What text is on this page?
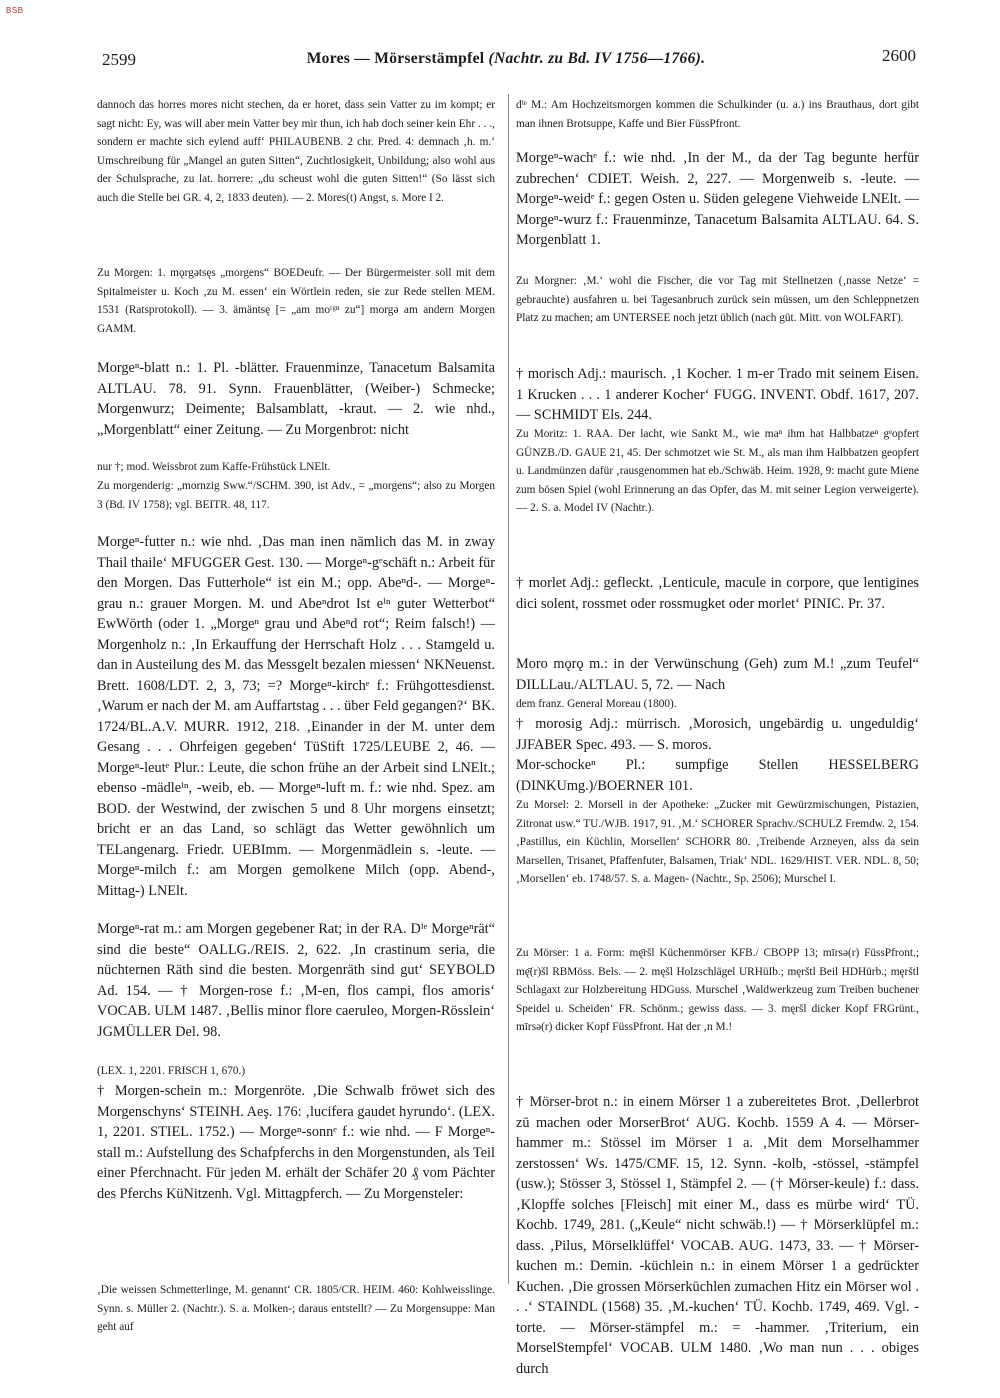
BSB
2599	Mores — Mörserstämpfel (Nachtr. zu Bd. IV 1756—1766).	2600

dannoch das horres mores nicht stechen, da er horet, dass sein Vatter zu im kompt; er sagt nicht: Ey, was will aber mein Vatter bey mir thun, ich hab doch seiner kein Ehr . . ., sondern er machte sich eylend auff‘ PHILAUBENB. 2 chr. Pred. 4: demnach ‚h. m.‘ Umschreibung für „Mangel an guten Sitten“, Zuchtlosigkeit, Unbildung; also wohl aus der Schulsprache, zu lat. horrere: „du scheust wohl die guten Sitten!“ (So lässt sich auch die Stelle bei GR. 4, 2, 1833 deuten). — 2. Mores(t) Angst, s. More I 2.

Zu Morgen: 1. mǫrgətsęs „morgens“ BOEDeufr. — Der Bürgermeister soll mit dem Spitalmeister u. Koch ‚zu M. essen‘ ein Wörtlein reden, sie zur Rede stellen MEM. 1531 (Ratsprotokoll). — 3. ämäntsę [= „am moʳᵍⁿ zu“] morgə am andern Morgen GAMM.

Morgeⁿ-blatt n.: 1. Pl. -blätter. Frauenminze, Tanacetum Balsamita ALTLAU. 78. 91. Synn. Frauenblätter, (Weiber-) Schmecke; Morgenwurz; Deimente; Balsamblatt, -kraut. — 2. wie nhd., „Morgenblatt“ einer Zeitung. — Zu Morgenbrot: nicht

nur †; mod. Weissbrot zum Kaffe-Frühstück LNElt.

Zu morgenderig: „mornzig Sww.“/SCHM. 390, ist Adv., = „morgens“; also zu Morgen 3 (Bd. IV 1758); vgl. BEITR. 48, 117.

Morgeⁿ-futter n.: wie nhd. ‚Das man inen nāmlich das M. in zway Thail thaile‘ MFUGGER Gest. 130. — Morgeⁿ-gᵉschäft n.: Arbeit für den Morgen. Das Futterhole“ ist ein M.; opp. Abeⁿd-. — Morgeⁿ-grau n.: grauer Morgen. M. und Abeⁿdrot Ist eⁱⁿ guter Wetterbot“ EwWörth (oder 1. „Morgeⁿ grau und Abeⁿd rot“; Reim falsch!) — Morgenholz n.: ‚In Erkauffung der Herrschaft Holz . . . Stamgeld u. dan in Austeilung des M. das Messgelt bezalen miessen‘ NKNeuenst. Brett. 1608/LDT. 2, 3, 73; =? Morgeⁿ-kirchᵉ f.: Frühgottesdienst. ‚Warum er nach der M. am Auffartstag . . . über Feld gegangen?‘ BK. 1724/BL.A.V. MURR. 1912, 218. ‚Einander in der M. unter dem Gesang . . . Ohrfeigen gegeben‘ TüStift 1725/LEUBE 2, 46. — Morgeⁿ-leutᵉ Plur.: Leute, die schon frühe an der Arbeit sind LNElt.; ebenso -mädleⁱⁿ, -weib, eb. — Morgeⁿ-luft m. f.: wie nhd. Spez. am BOD. der Westwind, der zwischen 5 und 8 Uhr morgens einsetzt; bricht er an das Land, so schlägt das Wetter gewöhnlich um TELangenarg. Friedr. UEBImm. — Morgenmädlein s. -leute. — Morgeⁿ-milch f.: am Morgen gemolkene Milch (opp. Abend-, Mittag-) LNElt.

Morgeⁿ-rat m.: am Morgen gegebener Rat; in der RA. Dⁱᵉ Morgeⁿrät“ sind die beste“ OALLG./REIS. 2, 622. ‚In crastinum seria, die nüchternen Räth sind die besten. Morgenräth sind gut‘ SEYBOLD Ad. 154. — † Morgen-rose f.: ‚M-en, flos campi, flos amoris‘ VOCAB. ULM 1487. ‚Bellis minor flore caeruleo, Morgen-Rösslein‘ JGMÜLLER Del. 98.

(LEX. 1, 2201. FRISCH 1, 670.)

† Morgen-schein m.: Morgenröte. ‚Die Schwalb fröwet sich des Morgenschyns‘ STEINH. Aeş. 176: ‚lucifera gaudet hyrundo‘. (LEX. 1, 2201. STIEL. 1752.) — Morgeⁿ-sonnᵉ f.: wie nhd. — F Morgeⁿ-stall m.: Aufstellung des Schafpferchs in den Morgenstunden, als Teil einer Pferchnacht. Für jeden M. erhält der Schäfer 20 ₰ vom Pächter des Pferchs KüNitzenh. Vgl. Mittagpferch. — Zu Morgensteler:

‚Die weissen Schmetterlinge, M. genannt‘ CR. 1805/CR. HEIM. 460: Kohlweisslinge. Synn. s. Müller 2. (Nachtr.). S. a. Molken-; daraus entstellt? — Zu Morgensuppe: Man geht auf

dⁱᵉ M.: Am Hochzeitsmorgen kommen die Schulkinder (u. a.) ins Brauthaus, dort gibt man ihnen Brotsuppe, Kaffe und Bier FüssPfront.

Morgeⁿ-wachᵉ f.: wie nhd. ‚In der M., da der Tag begunte herfür zubrechen‘ CDIET. Weish. 2, 227. — Morgenweib s. -leute. — Morgeⁿ-weidᵉ f.: gegen Osten u. Süden gelegene Viehweide LNElt. — Morgeⁿ-wurz f.: Frauenminze, Tanacetum Balsamita ALTLAU. 64. S. Morgenblatt 1.

Zu Morgner: ‚M.‘ wohl die Fischer, die vor Tag mit Stellnetzen (‚nasse Netze‘ = gebrauchte) ausfahren u. bei Tagesanbruch zurück sein müssen, um den Schleppnetzen Platz zu machen; am UNTERSEE noch jetzt üblich (nach güt. Mitt. von WOLFART).

† morisch Adj.: maurisch. ‚1 Kocher. 1 m-er Trado mit seinem Eisen. 1 Krucken . . . 1 anderer Kocher‘ FUGG. INVENT. Obdf. 1617, 207. — SCHMIDT Els. 244.

Zu Moritz: 1. RAA. Der lacht, wie Sankt M., wie maⁿ ihm hat Halbbatzeⁿ gᵉopfert GÜNZB./D. GAUE 21, 45. Der schmotzet wie St. M., als man ihm Halbbatzen geopfert u. Landmünzen dafür ‚rausgenommen hat eb./Schwäb. Heim. 1928, 9: macht gute Miene zum bösen Spiel (wohl Erinnerung an das Opfer, das M. mit seiner Legion verweigerte). — 2. S. a. Model IV (Nachtr.).

† morlet Adj.: gefleckt. ‚Lenticule, macule in corpore, que lentigines dici solent, rossmet oder rossmugket oder morlet‘ PINIC. Pr. 37.

Moro mǫrǫ m.: in der Verwünschung (Geh) zum M.! „zum Teufel“ DILLLau./ALTLAU. 5, 72. — Nach

dem franz. General Moreau (1800).

† morosig Adj.: mürrisch. ‚Morosich, ungebärdig u. ungeduldig‘ JJFABER Spec. 493. — S. moros.

Mor-schockeⁿ Pl.: sumpfige Stellen HESSELBERG (DINKUmg.)/BOERNER 101.

Zu Morsel: 2. Morsell in der Apotheke: „Zucker mit Gewürzmischungen, Pistazien, Zitronat usw.“ TU./WJB. 1917, 91. ‚M.‘ SCHORER Sprachv./SCHULZ Fremdw. 2, 154. ‚Pastillus, ein Küchlin, Morsellen‘ SCHORR 80. ‚Treibende Arzneyen, alss da sein Marsellen, Trisanet, Pfaffenfuter, Balsamen, Triak‘ NDL. 1629/HIST. VER. NDL. 8, 50; ‚Morsellen‘ eb. 1748/57. S. a. Magen- (Nachtr., Sp. 2506); Murschel I.

Zu Mörser: 1 a. Form: mę̄ršl Küchenmörser KFB./ CBOPP 13; mīrsə(r) FüssPfront.; mę̄(r)šl RBMöss. Bels. — 2. męšl Holzschlägel URHüIb.; męrštl Beil HDHürb.; męrštl Schlagaxt zur Holzbereitung HDGuss. Murschel ‚Waldwerkzeug zum Treiben buchener Speidel u. Scheiden‘ FR. Schönm.; gewiss dass. — 3. męršl dicker Kopf FRGrünt., mīrsə(r) dicker Kopf FüssPfront. Hat der ‚n M.!

† Mörser-brot n.: in einem Mörser 1 a zubereitetes Brot. ‚Dellerbrot zū machen oder MorserBrot‘ AUG. Kochb. 1559 A 4. — Mörser-hammer m.: Stössel im Mörser 1 a. ‚Mit dem Morselhammer zerstossen‘ Ws. 1475/CMF. 15, 12. Synn. -kolb, -stössel, -stämpfel (usw.); Stösser 3, Stössel 1, Stämpfel 2. — († Mörser-keule) f.: dass. ‚Klopffe solches [Fleisch] mit einer M., dass es mürbe wird‘ TÜ. Kochb. 1749, 281. („Keule“ nicht schwäb.!) — † Mörserklüpfel m.: dass. ‚Pilus, Mörselklüffel‘ VOCAB. AUG. 1473, 33. — † Mörser-kuchen m.: Demin. -küchlein n.: in einem Mörser 1 a gedrückter Kuchen. ‚Die grossen Mörserkūchlen zumachen Hitz ein Mörser wol . . .‘ STAINDL (1568) 35. ‚M.-kuchen‘ TÜ. Kochb. 1749, 469. Vgl. -torte. — Mörser-stämpfel m.: = -hammer. ‚Triterium, ein MorselStempfel‘ VOCAB. ULM 1480. ‚Wo man nun . . . obiges durch
